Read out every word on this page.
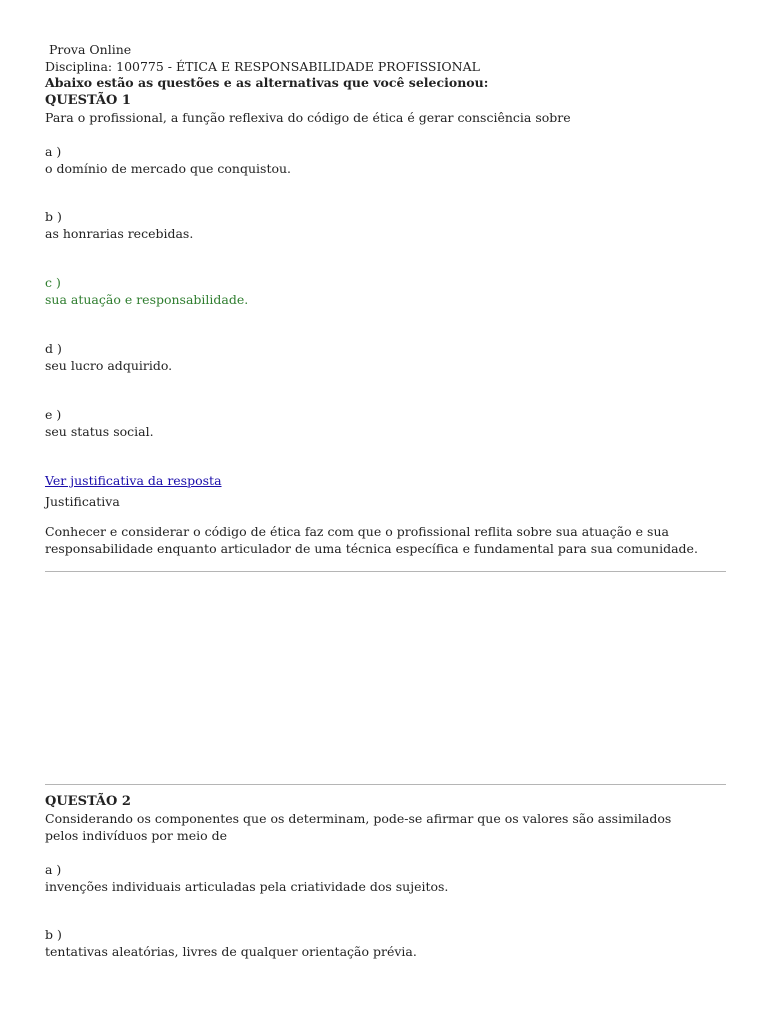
Prova Online
Disciplina: 100775 - ÉTICA E RESPONSABILIDADE PROFISSIONAL
Abaixo estão as questões e as alternativas que você selecionou:
QUESTÃO 1
Para o profissional, a função reflexiva do código de ética é gerar consciência sobre
a )
o domínio de mercado que conquistou.
b )
as honrarias recebidas.
c )
sua atuação e responsabilidade.
d )
seu lucro adquirido.
e )
seu status social.
Ver justificativa da resposta
Justificativa
Conhecer e considerar o código de ética faz com que o profissional reflita sobre sua atuação e sua responsabilidade enquanto articulador de uma técnica específica e fundamental para sua comunidade.
QUESTÃO 2
Considerando os componentes que os determinam, pode-se afirmar que os valores são assimilados pelos indivíduos por meio de
a )
invenções individuais articuladas pela criatividade dos sujeitos.
b )
tentativas aleatórias, livres de qualquer orientação prévia.
